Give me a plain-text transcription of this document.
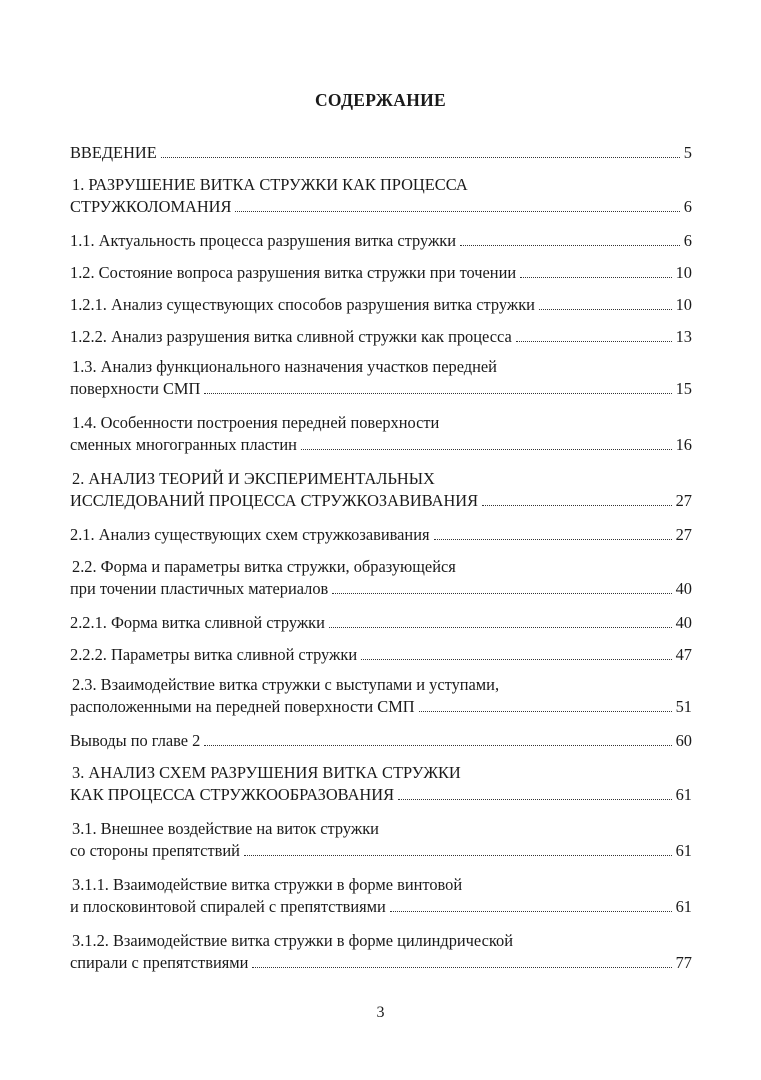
СОДЕРЖАНИЕ
ВВЕДЕНИЕ	5
1. РАЗРУШЕНИЕ ВИТКА СТРУЖКИ КАК ПРОЦЕССА
СТРУЖКОЛОМАНИЯ	6
1.1. Актуальность процесса разрушения витка стружки	6
1.2. Состояние вопроса разрушения витка стружки при точении	10
1.2.1. Анализ существующих способов разрушения витка стружки	10
1.2.2. Анализ разрушения витка сливной стружки как процесса	13
1.3. Анализ функционального назначения участков передней
поверхности СМП	15
1.4. Особенности построения передней поверхности
сменных многогранных пластин	16
2. АНАЛИЗ ТЕОРИЙ И ЭКСПЕРИМЕНТАЛЬНЫХ
ИССЛЕДОВАНИЙ ПРОЦЕССА СТРУЖКОЗАВИВАНИЯ	27
2.1. Анализ существующих схем стружкозавивания	27
2.2. Форма и параметры витка стружки, образующейся
при точении пластичных материалов	40
2.2.1. Форма витка сливной стружки	40
2.2.2. Параметры витка сливной стружки	47
2.3. Взаимодействие витка стружки с выступами и уступами,
расположенными на передней поверхности СМП	51
Выводы по главе 2	60
3. АНАЛИЗ СХЕМ РАЗРУШЕНИЯ ВИТКА СТРУЖКИ
КАК ПРОЦЕССА СТРУЖКООБРАЗОВАНИЯ	61
3.1. Внешнее воздействие на виток стружки
со стороны препятствий	61
3.1.1. Взаимодействие витка стружки в форме винтовой
и плосковинтовой спиралей с препятствиями	61
3.1.2. Взаимодействие витка стружки в форме цилиндрической
спирали с препятствиями	77
3
